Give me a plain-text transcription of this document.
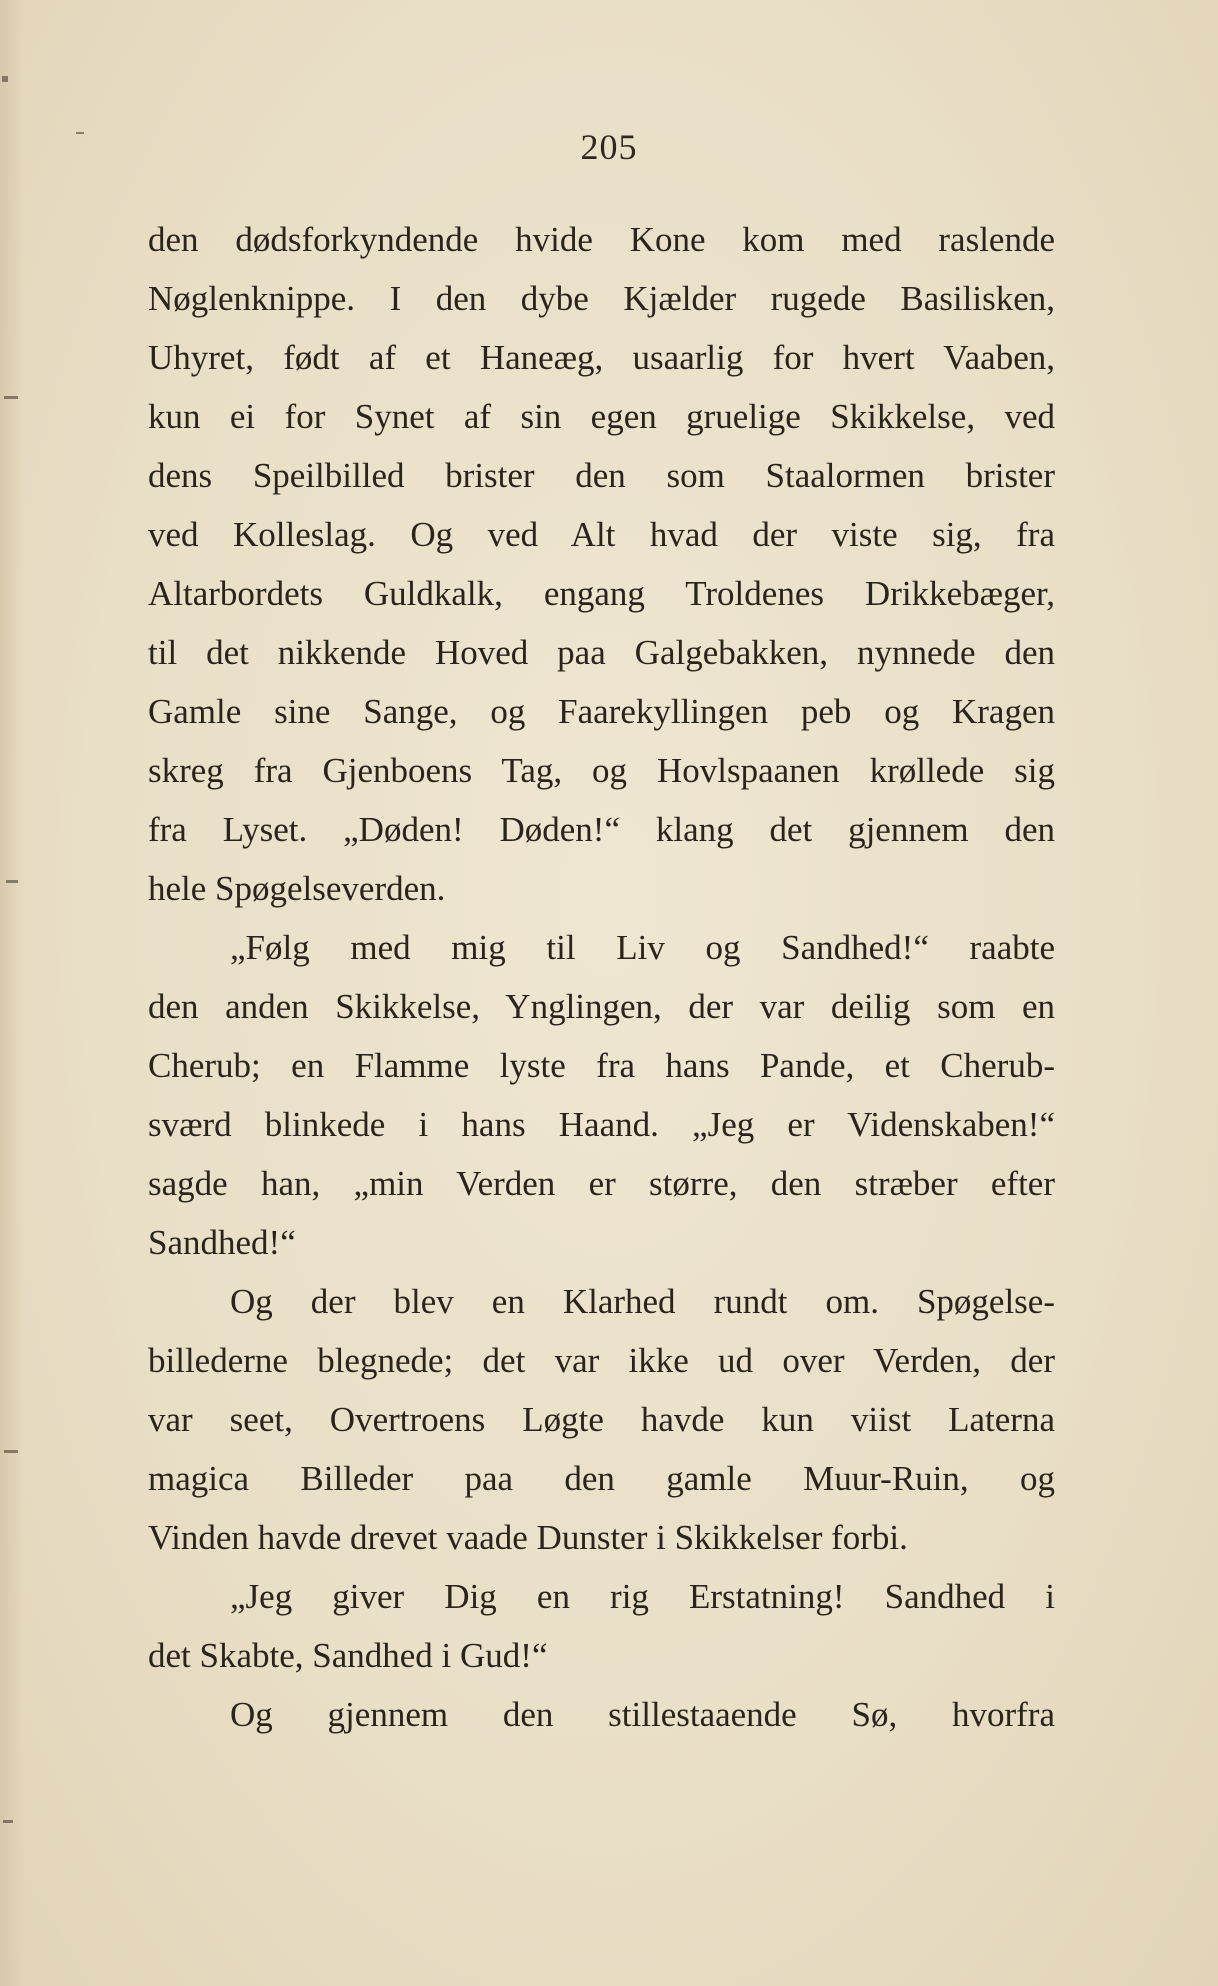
205
den dødsforkyndende hvide Kone kom med raslende
Nøglenknippe. I den dybe Kjælder rugede Basilisken,
Uhyret, født af et Haneæg, usaarlig for hvert Vaaben,
kun ei for Synet af sin egen gruelige Skikkelse, ved
dens Speilbilled brister den som Staalormen brister
ved Kolleslag. Og ved Alt hvad der viste sig, fra
Altarbordets Guldkalk, engang Troldenes Drikkebæger,
til det nikkende Hoved paa Galgebakken, nynnede den
Gamle sine Sange, og Faarekyllingen peb og Kragen
skreg fra Gjenboens Tag, og Hovlspaanen krøllede sig
fra Lyset. „Døden! Døden!“ klang det gjennem den
hele Spøgelseverden.
„Følg med mig til Liv og Sandhed!“ raabte
den anden Skikkelse, Ynglingen, der var deilig som en
Cherub; en Flamme lyste fra hans Pande, et Cherub-
sværd blinkede i hans Haand. „Jeg er Videnskaben!“
sagde han, „min Verden er større, den stræber efter
Sandhed!“
Og der blev en Klarhed rundt om. Spøgelse-
billederne blegnede; det var ikke ud over Verden, der
var seet, Overtroens Løgte havde kun viist Laterna
magica Billeder paa den gamle Muur-Ruin, og
Vinden havde drevet vaade Dunster i Skikkelser forbi.
„Jeg giver Dig en rig Erstatning! Sandhed i
det Skabte, Sandhed i Gud!“
Og gjennem den stillestaaende Sø, hvorfra
